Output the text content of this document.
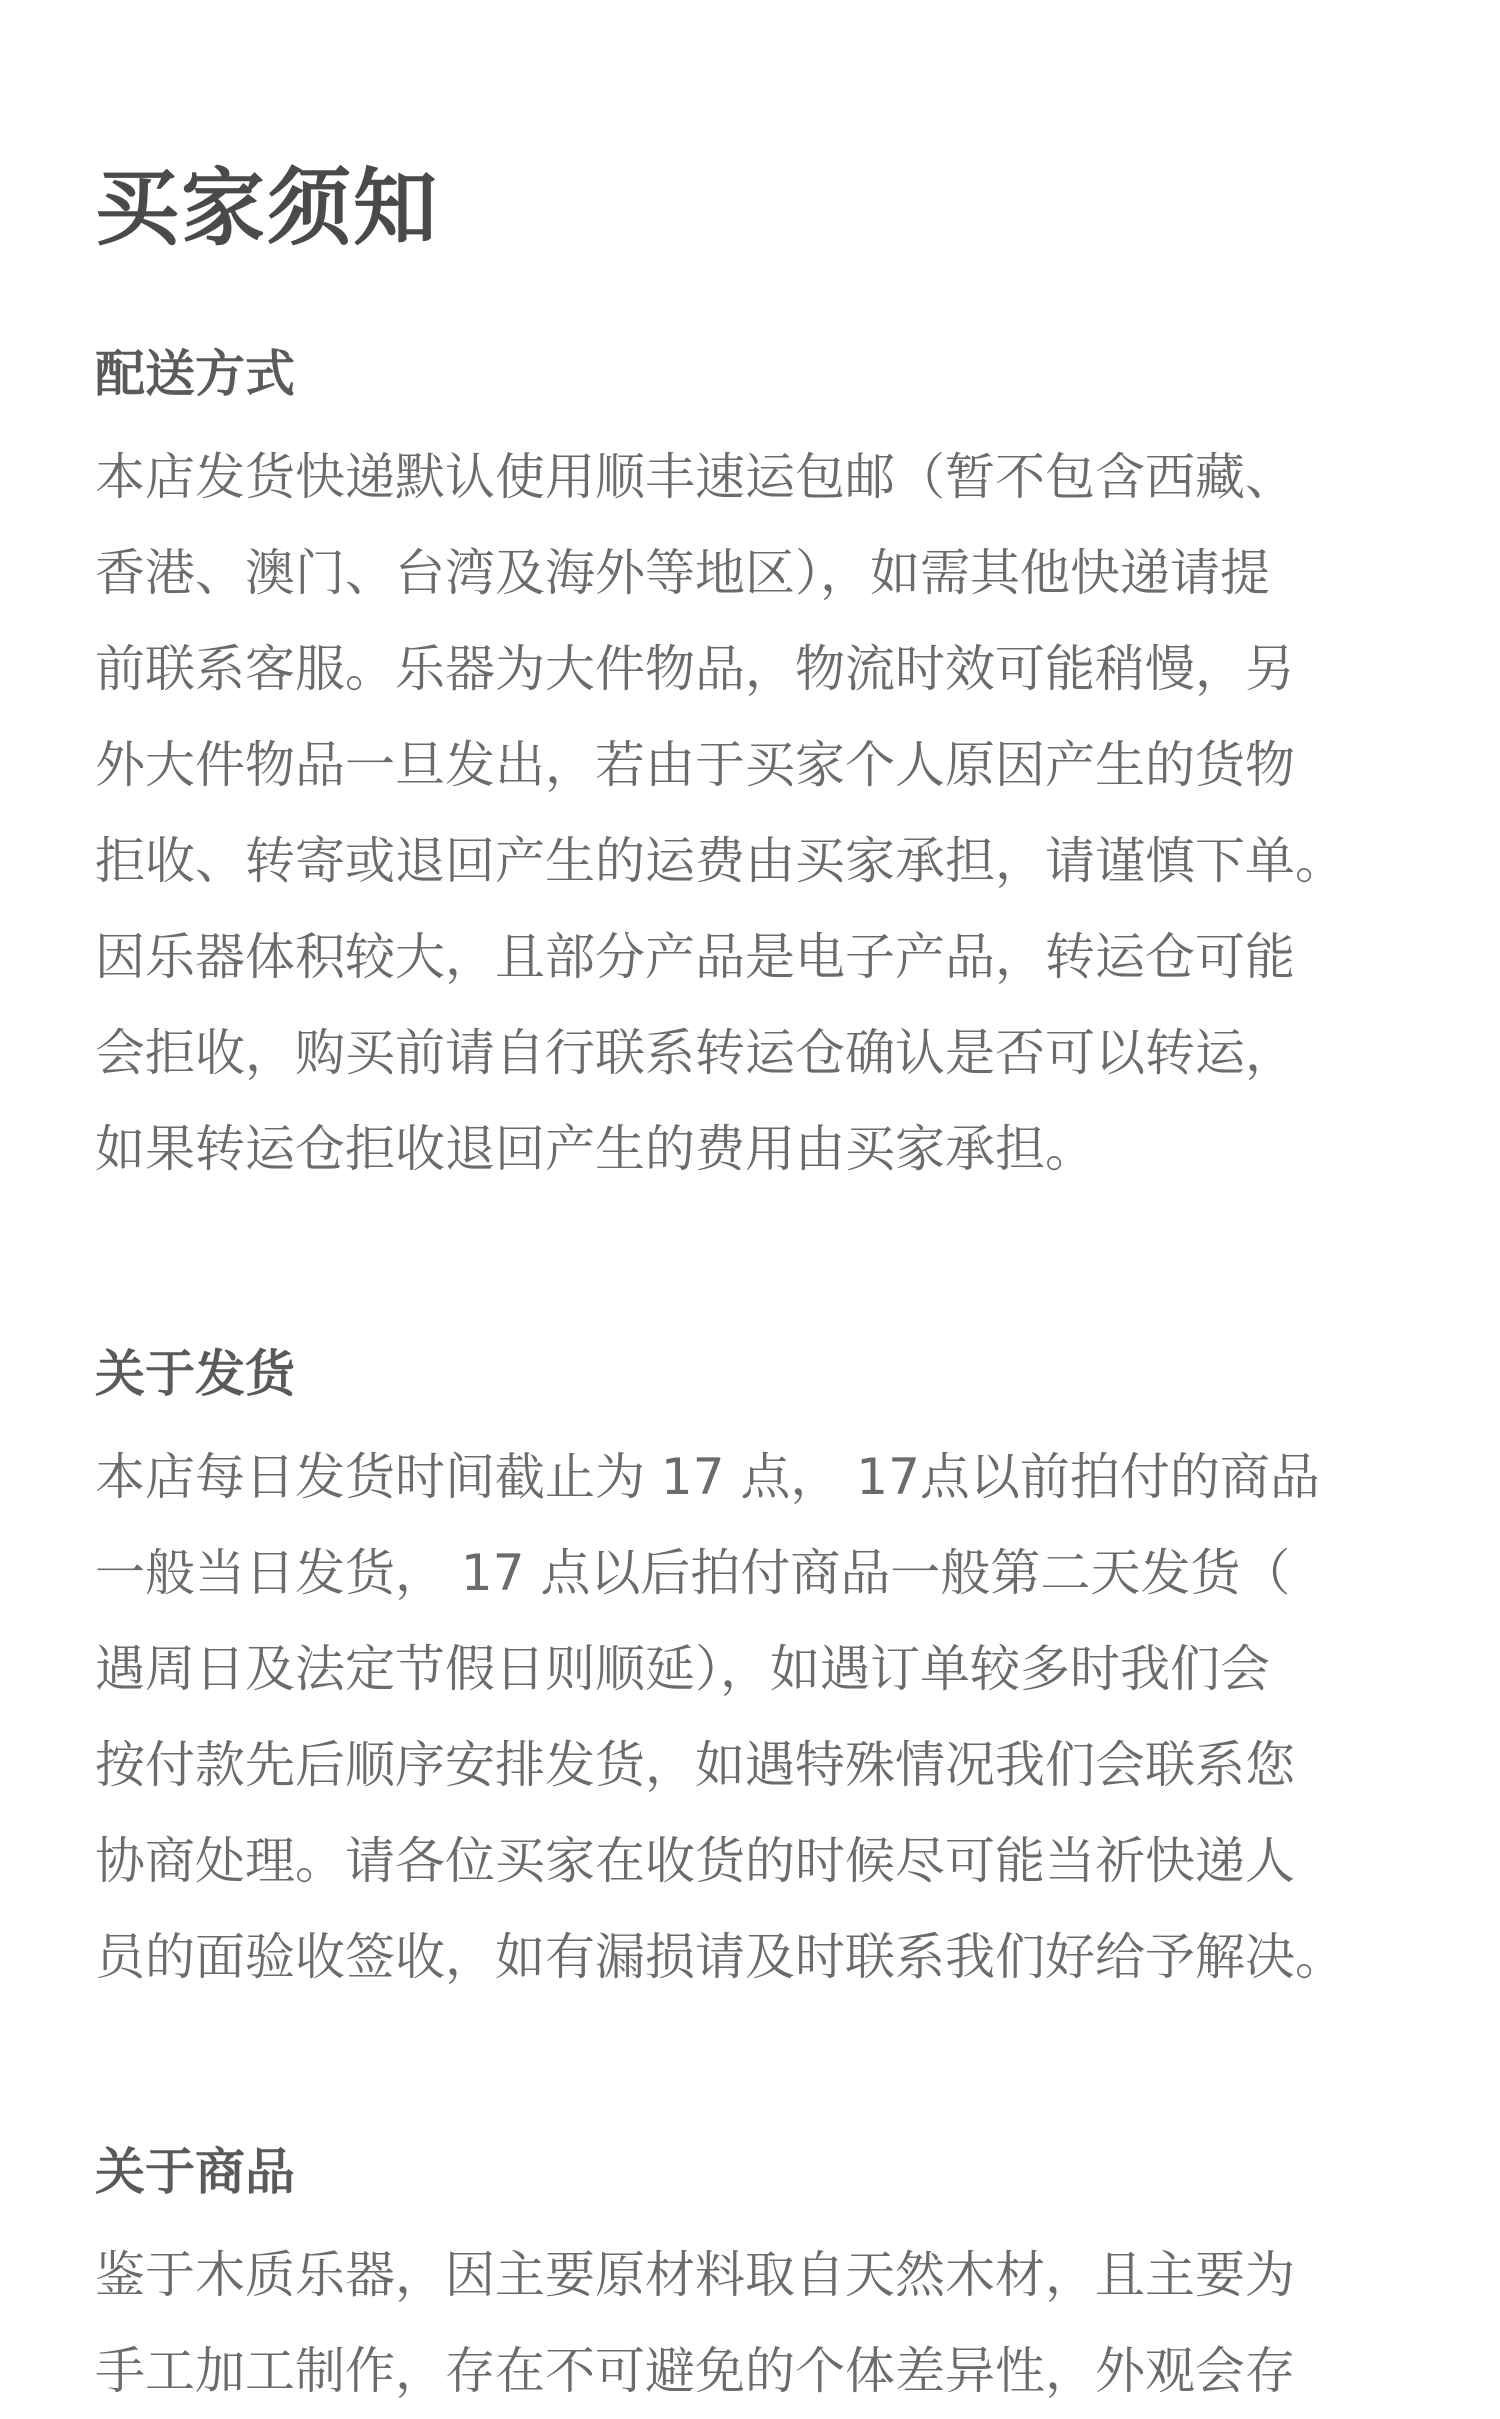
买家须知
配送方式

本店发货快递默认使用顺丰速运包邮（暂不包含西藏、
香港、澳门、台湾及海外等地区），如需其他快递请提
前联系客服。乐器为大件物品，物流时效可能稍慢，另
外大件物品一旦发出，若由于买家个人原因产生的货物
拒收、转寄或退回产生的运费由买家承担，请谨慎下单。
因乐器体积较大，且部分产品是电子产品，转运仓可能
会拒收，购买前请自行联系转运仓确认是否可以转运，
如果转运仓拒收退回产生的费用由买家承担。

关于发货

本店每日发货时间截止为 17 点， 17点以前拍付的商品
一般当日发货， 17 点以后拍付商品一般第二天发货（
遇周日及法定节假日则顺延），如遇订单较多时我们会
按付款先后顺序安排发货，如遇特殊情况我们会联系您
协商处理。请各位买家在收货的时候尽可能当祈快递人
员的面验收签收，如有漏损请及时联系我们好给予解决。

关于商品

鉴于木质乐器，因主要原材料取自天然木材，且主要为
手工加工制作，存在不可避免的个体差异性，外观会存
